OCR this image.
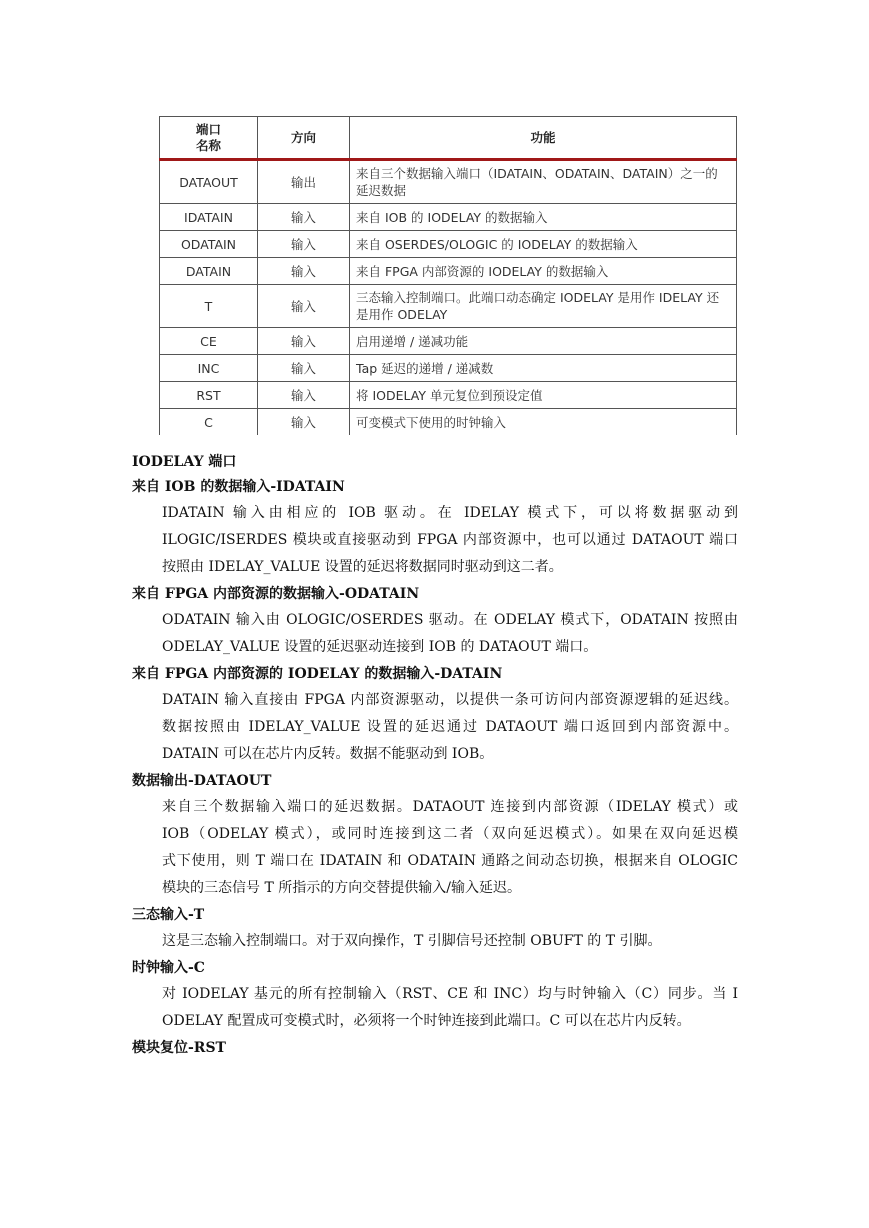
端口
名称	方向	功能
DATAOUT	输出	来自三个数据输入端口（IDATAIN、ODATAIN、DATAIN）之一的延迟数据
IDATAIN	输入	来自 IOB 的 IODELAY 的数据输入
ODATAIN	输入	来自 OSERDES/OLOGIC 的 IODELAY 的数据输入
DATAIN	输入	来自 FPGA 内部资源的 IODELAY 的数据输入
T	输入	三态输入控制端口。此端口动态确定 IODELAY 是用作 IDELAY 还是用作 ODELAY
CE	输入	启用递增 / 递减功能
INC	输入	Tap 延迟的递增 / 递减数
RST	输入	将 IODELAY 单元复位到预设定值
C	输入	可变模式下使用的时钟输入

IODELAY 端口

来自 IOB 的数据输入-IDATAIN

IDATAIN 输入由相应的 IOB 驱动。在 IDELAY 模式下，可以将数据驱动到
ILOGIC/ISERDES 模块或直接驱动到 FPGA 内部资源中，也可以通过 DATAOUT 端口
按照由 IDELAY_VALUE 设置的延迟将数据同时驱动到这二者。

来自 FPGA 内部资源的数据输入-ODATAIN

ODATAIN 输入由 OLOGIC/OSERDES 驱动。在 ODELAY 模式下，ODATAIN 按照由
ODELAY_VALUE 设置的延迟驱动连接到 IOB 的 DATAOUT 端口。

来自 FPGA 内部资源的 IODELAY 的数据输入-DATAIN

DATAIN 输入直接由 FPGA 内部资源驱动，以提供一条可访问内部资源逻辑的延迟线。
数据按照由 IDELAY_VALUE 设置的延迟通过 DATAOUT 端口返回到内部资源中。
DATAIN 可以在芯片内反转。数据不能驱动到 IOB。

数据输出-DATAOUT

来自三个数据输入端口的延迟数据。DATAOUT 连接到内部资源（IDELAY 模式）或
IOB（ODELAY 模式），或同时连接到这二者（双向延迟模式）。如果在双向延迟模
式下使用，则 T 端口在 IDATAIN 和 ODATAIN 通路之间动态切换，根据来自 OLOGIC
模块的三态信号 T 所指示的方向交替提供输入/输入延迟。

三态输入-T

这是三态输入控制端口。对于双向操作，T 引脚信号还控制 OBUFT 的 T 引脚。

时钟输入-C

对 IODELAY 基元的所有控制输入（RST、CE 和 INC）均与时钟输入（C）同步。当 I
ODELAY 配置成可变模式时，必须将一个时钟连接到此端口。C 可以在芯片内反转。

模块复位-RST
